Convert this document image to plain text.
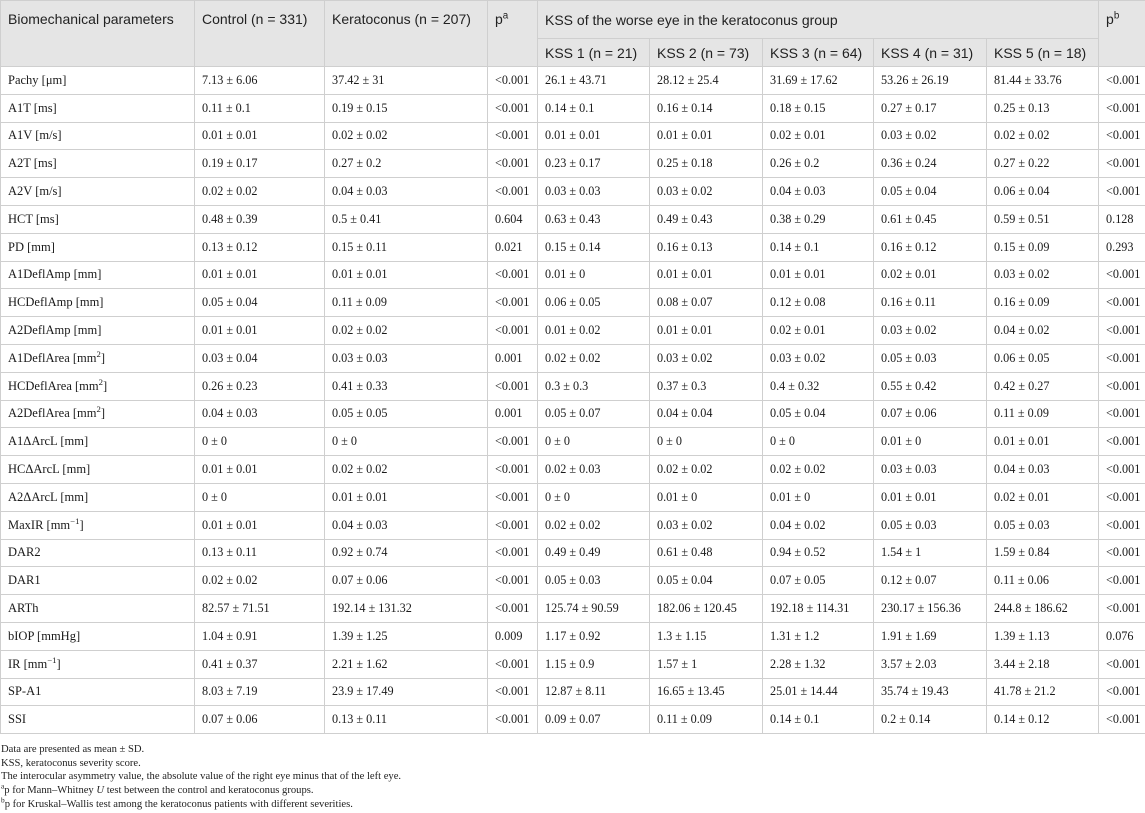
Biomechanical parameters	Control (n = 331)	Keratoconus (n = 207)	$p^a$	KSS of the worse eye in the keratoconus group					$p^b$
				KSS 1 (n = 21)	KSS 2 (n = 73)	KSS 3 (n = 64)	KSS 4 (n = 31)	KSS 5 (n = 18)	
Pachy [μm]	7.13 ± 6.06	37.42 ± 31	<0.001	26.1 ± 43.71	28.12 ± 25.4	31.69 ± 17.62	53.26 ± 26.19	81.44 ± 33.76	<0.001
A1T [ms]	0.11 ± 0.1	0.19 ± 0.15	<0.001	0.14 ± 0.1	0.16 ± 0.14	0.18 ± 0.15	0.27 ± 0.17	0.25 ± 0.13	<0.001
A1V [m/s]	0.01 ± 0.01	0.02 ± 0.02	<0.001	0.01 ± 0.01	0.01 ± 0.01	0.02 ± 0.01	0.03 ± 0.02	0.02 ± 0.02	<0.001
A2T [ms]	0.19 ± 0.17	0.27 ± 0.2	<0.001	0.23 ± 0.17	0.25 ± 0.18	0.26 ± 0.2	0.36 ± 0.24	0.27 ± 0.22	<0.001
A2V [m/s]	0.02 ± 0.02	0.04 ± 0.03	<0.001	0.03 ± 0.03	0.03 ± 0.02	0.04 ± 0.03	0.05 ± 0.04	0.06 ± 0.04	<0.001
HCT [ms]	0.48 ± 0.39	0.5 ± 0.41	0.604	0.63 ± 0.43	0.49 ± 0.43	0.38 ± 0.29	0.61 ± 0.45	0.59 ± 0.51	0.128
PD [mm]	0.13 ± 0.12	0.15 ± 0.11	0.021	0.15 ± 0.14	0.16 ± 0.13	0.14 ± 0.1	0.16 ± 0.12	0.15 ± 0.09	0.293
A1DeflAmp [mm]	0.01 ± 0.01	0.01 ± 0.01	<0.001	0.01 ± 0	0.01 ± 0.01	0.01 ± 0.01	0.02 ± 0.01	0.03 ± 0.02	<0.001
HCDeflAmp [mm]	0.05 ± 0.04	0.11 ± 0.09	<0.001	0.06 ± 0.05	0.08 ± 0.07	0.12 ± 0.08	0.16 ± 0.11	0.16 ± 0.09	<0.001
A2DeflAmp [mm]	0.01 ± 0.01	0.02 ± 0.02	<0.001	0.01 ± 0.02	0.01 ± 0.01	0.02 ± 0.01	0.03 ± 0.02	0.04 ± 0.02	<0.001
A1DeflArea $[mm^2]$	0.03 ± 0.04	0.03 ± 0.03	0.001	0.02 ± 0.02	0.03 ± 0.02	0.03 ± 0.02	0.05 ± 0.03	0.06 ± 0.05	<0.001
HCDeflArea $[mm^2]$	0.26 ± 0.23	0.41 ± 0.33	<0.001	0.3 ± 0.3	0.37 ± 0.3	0.4 ± 0.32	0.55 ± 0.42	0.42 ± 0.27	<0.001
A2DeflArea $[mm^2]$	0.04 ± 0.03	0.05 ± 0.05	0.001	0.05 ± 0.07	0.04 ± 0.04	0.05 ± 0.04	0.07 ± 0.06	0.11 ± 0.09	<0.001
A1ΔArcL [mm]	0 ± 0	0 ± 0	<0.001	0 ± 0	0 ± 0	0 ± 0	0.01 ± 0	0.01 ± 0.01	<0.001
HCΔArcL [mm]	0.01 ± 0.01	0.02 ± 0.02	<0.001	0.02 ± 0.03	0.02 ± 0.02	0.02 ± 0.02	0.03 ± 0.03	0.04 ± 0.03	<0.001
A2ΔArcL [mm]	0 ± 0	0.01 ± 0.01	<0.001	0 ± 0	0.01 ± 0	0.01 ± 0	0.01 ± 0.01	0.02 ± 0.01	<0.001
MaxIR $[mm^{-1}]$	0.01 ± 0.01	0.04 ± 0.03	<0.001	0.02 ± 0.02	0.03 ± 0.02	0.04 ± 0.02	0.05 ± 0.03	0.05 ± 0.03	<0.001
DAR2	0.13 ± 0.11	0.92 ± 0.74	<0.001	0.49 ± 0.49	0.61 ± 0.48	0.94 ± 0.52	1.54 ± 1	1.59 ± 0.84	<0.001
DAR1	0.02 ± 0.02	0.07 ± 0.06	<0.001	0.05 ± 0.03	0.05 ± 0.04	0.07 ± 0.05	0.12 ± 0.07	0.11 ± 0.06	<0.001
ARTh	82.57 ± 71.51	192.14 ± 131.32	<0.001	125.74 ± 90.59	182.06 ± 120.45	192.18 ± 114.31	230.17 ± 156.36	244.8 ± 186.62	<0.001
bIOP [mmHg]	1.04 ± 0.91	1.39 ± 1.25	0.009	1.17 ± 0.92	1.3 ± 1.15	1.31 ± 1.2	1.91 ± 1.69	1.39 ± 1.13	0.076
IR $[mm^{-1}]$	0.41 ± 0.37	2.21 ± 1.62	<0.001	1.15 ± 0.9	1.57 ± 1	2.28 ± 1.32	3.57 ± 2.03	3.44 ± 2.18	<0.001
SP-A1	8.03 ± 7.19	23.9 ± 17.49	<0.001	12.87 ± 8.11	16.65 ± 13.45	25.01 ± 14.44	35.74 ± 19.43	41.78 ± 21.2	<0.001
SSI	0.07 ± 0.06	0.13 ± 0.11	<0.001	0.09 ± 0.07	0.11 ± 0.09	0.14 ± 0.1	0.2 ± 0.14	0.14 ± 0.12	<0.001
Data are presented as mean ± SD.
KSS, keratoconus severity score.
The interocular asymmetry value, the absolute value of the right eye minus that of the left eye.
$^a$p for Mann–Whitney U test between the control and keratoconus groups.
$^b$p for Kruskal–Wallis test among the keratoconus patients with different severities.
